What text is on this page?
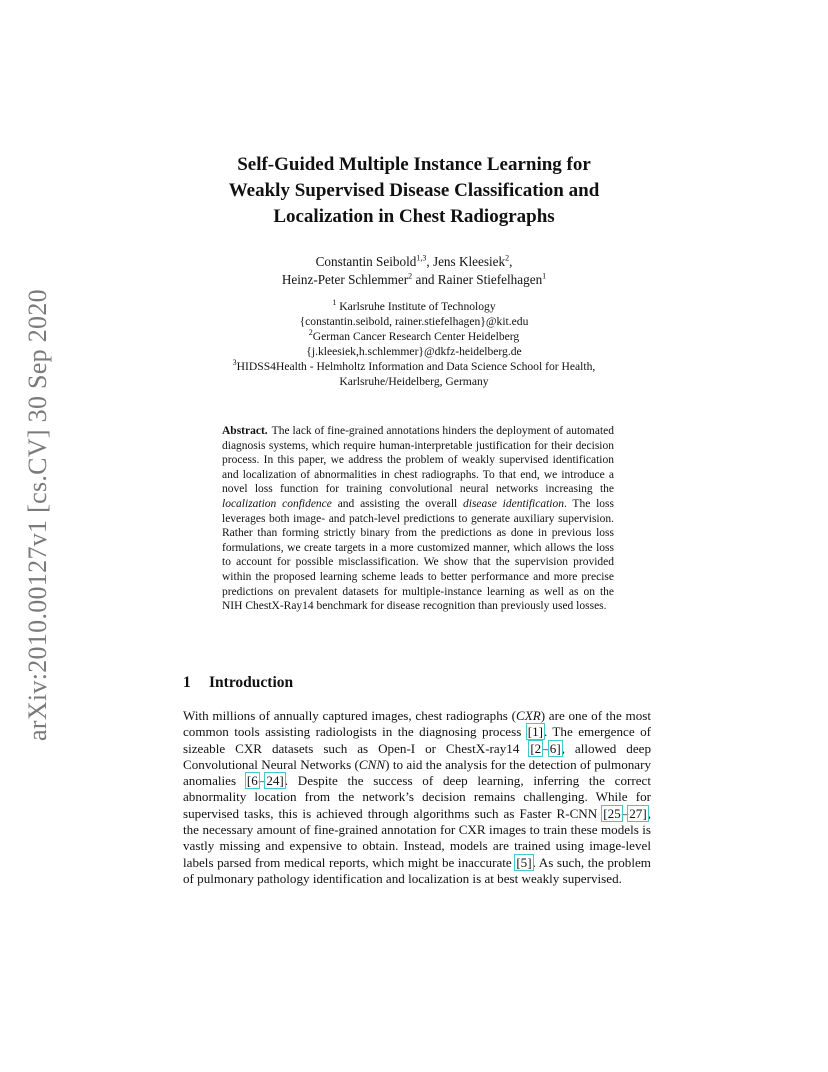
arXiv:2010.00127v1 [cs.CV] 30 Sep 2020
Self-Guided Multiple Instance Learning for
Weakly Supervised Disease Classification and
Localization in Chest Radiographs
Constantin Seibold$^{1,3}$, Jens Kleesiek$^2$,
Heinz-Peter Schlemmer$^2$ and Rainer Stiefelhagen$^1$
$^1$ Karlsruhe Institute of Technology
{constantin.seibold, rainer.stiefelhagen}@kit.edu
$^2$German Cancer Research Center Heidelberg
{j.kleesiek,h.schlemmer}@dkfz-heidelberg.de
$^3$HIDSS4Health - Helmholtz Information and Data Science School for Health,
Karlsruhe/Heidelberg, Germany
Abstract. The lack of fine-grained annotations hinders the deployment of automated diagnosis systems, which require human-interpretable justification for their decision process. In this paper, we address the problem of weakly supervised identification and localization of abnormalities in chest radiographs. To that end, we introduce a novel loss function for training convolutional neural networks increasing the localization confidence and assisting the overall disease identification. The loss leverages both image- and patch-level predictions to generate auxiliary supervision. Rather than forming strictly binary from the predictions as done in previous loss formulations, we create targets in a more customized manner, which allows the loss to account for possible misclassification. We show that the supervision provided within the proposed learning scheme leads to better performance and more precise predictions on prevalent datasets for multiple-instance learning as well as on the NIH ChestX-Ray14 benchmark for disease recognition than previously used losses.
1 Introduction
With millions of annually captured images, chest radiographs (CXR) are one of the most common tools assisting radiologists in the diagnosing process [1]. The emergence of sizeable CXR datasets such as Open-I or ChestX-ray14 [2–6], allowed deep Convolutional Neural Networks (CNN) to aid the analysis for the detection of pulmonary anomalies [6–24]. Despite the success of deep learning, inferring the correct abnormality location from the network’s decision remains challenging. While for supervised tasks, this is achieved through algorithms such as Faster R-CNN [25–27], the necessary amount of fine-grained annotation for CXR images to train these models is vastly missing and expensive to obtain. Instead, models are trained using image-level labels parsed from medical reports, which might be inaccurate [5]. As such, the problem of pulmonary pathology identification and localization is at best weakly supervised.
